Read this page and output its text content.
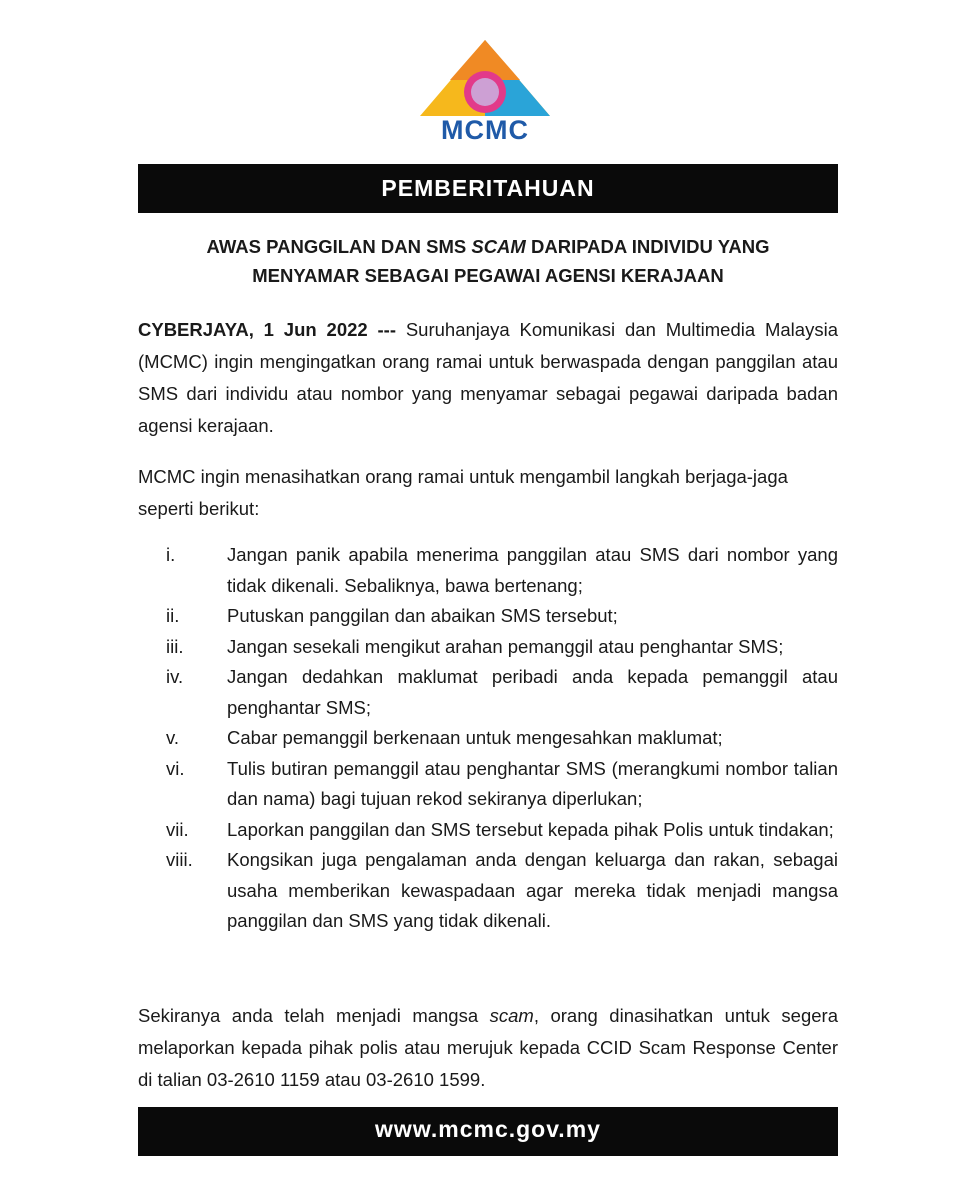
MCMC
PEMBERITAHUAN
AWAS PANGGILAN DAN SMS SCAM DARIPADA INDIVIDU YANG
MENYAMAR SEBAGAI PEGAWAI AGENSI KERAJAAN
CYBERJAYA, 1 Jun 2022 --- Suruhanjaya Komunikasi dan Multimedia Malaysia (MCMC) ingin mengingatkan orang ramai untuk berwaspada dengan panggilan atau SMS dari individu atau nombor yang menyamar sebagai pegawai daripada badan agensi kerajaan.
MCMC ingin menasihatkan orang ramai untuk mengambil langkah berjaga-jaga seperti berikut:
i.	Jangan panik apabila menerima panggilan atau SMS dari nombor yang tidak dikenali. Sebaliknya, bawa bertenang;
ii.	Putuskan panggilan dan abaikan SMS tersebut;
iii. Jangan sesekali mengikut arahan pemanggil atau penghantar SMS;
iv. Jangan dedahkan maklumat peribadi anda kepada pemanggil atau penghantar SMS;
v.	Cabar pemanggil berkenaan untuk mengesahkan maklumat;
vi. Tulis butiran pemanggil atau penghantar SMS (merangkumi nombor talian dan nama) bagi tujuan rekod sekiranya diperlukan;
vii. Laporkan panggilan dan SMS tersebut kepada pihak Polis untuk tindakan;
viii. Kongsikan juga pengalaman anda dengan keluarga dan rakan, sebagai usaha memberikan kewaspadaan agar mereka tidak menjadi mangsa panggilan dan SMS yang tidak dikenali.
Sekiranya anda telah menjadi mangsa scam, orang dinasihatkan untuk segera melaporkan kepada pihak polis atau merujuk kepada CCID Scam Response Center di talian 03-2610 1159 atau 03-2610 1599.
www.mcmc.gov.my
